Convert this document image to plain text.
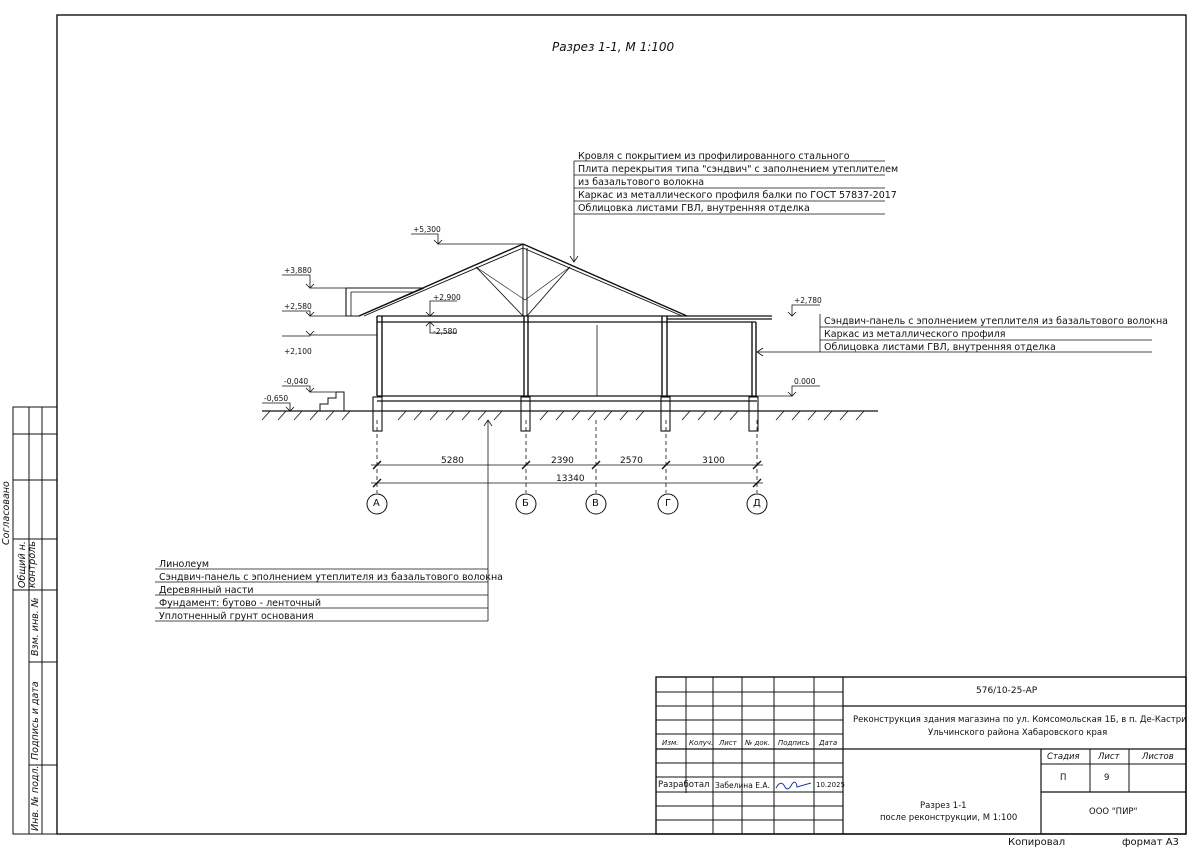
Разрез 1-1, М 1:100
Кровля с покрытием из профилированного стального
Плита перекрытия типа "сэндвич" с заполнением утеплителем
из базальтового волокна
Каркас из металлического профиля балки по ГОСТ 57837-2017
Облицовка листами ГВЛ, внутренняя отделка
Сэндвич-панель с эполнением утеплителя из базальтового волокна
Каркас из металлического профиля
Облицовка листами ГВЛ, внутренняя отделка
Линолеум
Сэндвич-панель с эполнением утеплителя из базальтового волокна
Деревянный насти
Фундамент: бутово - ленточный
Уплотненный грунт основания
+5,300
+3,880
+2,580
+2,900
-2,580
+2,100
-0,040
-0,650
+2,780
0.000
5280	2390	2570	3100
13340
А	Б	В	Г	Д
Согласовано
Общий н. контроль
Взм. инв. №
Подпись и дата
Инв. № подл.
576/10-25-АР
Реконструкция здания магазина по ул. Комсомольская 1Б, в п. Де-Кастри
Ульчинского района Хабаровского края
Изм. Колуч. Лист № док. Подпись Дата
Стадия Лист	Листов
П	9
Разработал Забелина Е.А.	10.2025
Разрез 1-1
после реконструкции, М 1:100
ООО "ПИР"
Копировал	формат А3
